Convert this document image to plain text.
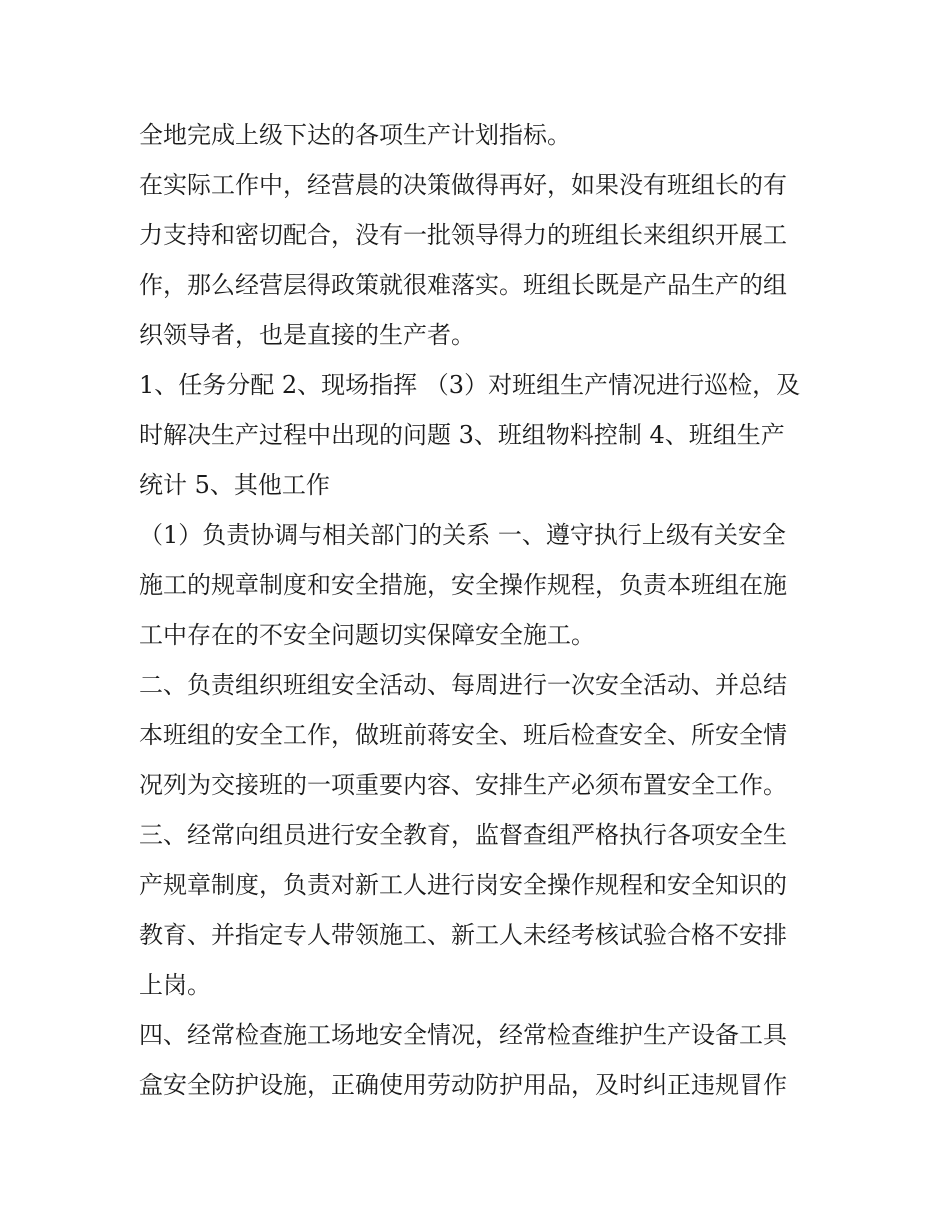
全地完成上级下达的各项生产计划指标。
在实际工作中，经营晨的决策做得再好，如果没有班组长的有
力支持和密切配合，没有一批领导得力的班组长来组织开展工
作，那么经营层得政策就很难落实。班组长既是产品生产的组
织领导者，也是直接的生产者。
1、任务分配 2、现场指挥 （3）对班组生产情况进行巡检，及
时解决生产过程中出现的问题 3、班组物料控制 4、班组生产
统计 5、其他工作
（1）负责协调与相关部门的关系 一、遵守执行上级有关安全
施工的规章制度和安全措施，安全操作规程，负责本班组在施
工中存在的不安全问题切实保障安全施工。
二、负责组织班组安全活动、每周进行一次安全活动、并总结
本班组的安全工作，做班前蒋安全、班后检查安全、所安全情
况列为交接班的一项重要内容、安排生产必须布置安全工作。
三、经常向组员进行安全教育，监督查组严格执行各项安全生
产规章制度，负责对新工人进行岗安全操作规程和安全知识的
教育、并指定专人带领施工、新工人未经考核试验合格不安排
上岗。
四、经常检查施工场地安全情况，经常检查维护生产设备工具
盒安全防护设施，正确使用劳动防护用品，及时纠正违规冒作
